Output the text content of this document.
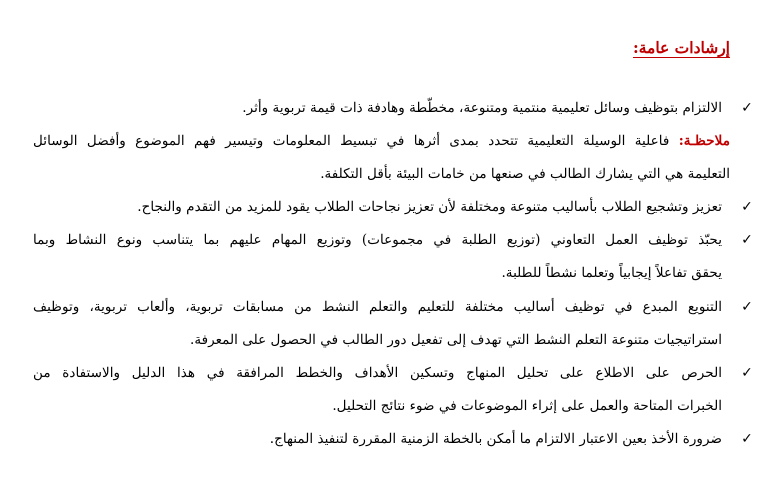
إرشادات عامة:
✓
الالتزام بتوظيف وسائل تعليمية منتمية ومتنوعة، مخطّطة وهادفة ذات قيمة تربوية وأثر.
ملاحظـة: فاعلية الوسيلة التعليمية تتحدد بمدى أثرها في تبسيط المعلومات وتيسير فهم الموضوع وأفضل الوسائل
التعليمة هي التي يشارك الطالب في صنعها من خامات البيئة بأقل التكلفة.
✓
تعزيز وتشجيع الطلاب بأساليب متنوعة ومختلفة لأن تعزيز نجاحات الطلاب يقود للمزيد من التقدم والنجاح.
✓
يحبّذ توظيف العمل التعاوني (توزيع الطلبة في مجموعات) وتوزيع المهام عليهم بما يتناسب ونوع النشاط وبما
يحقق تفاعلاً إيجابياً وتعلما نشطاً للطلبة.
✓
التنويع المبدع في توظيف أساليب مختلفة للتعليم والتعلم النشط من مسابقات تربوية، وألعاب تربوية، وتوظيف
استراتيجيات متنوعة التعلم النشط التي تهدف إلى تفعيل دور الطالب في الحصول على المعرفة.
✓
الحرص على الاطلاع على تحليل المنهاج وتسكين الأهداف والخطط المرافقة في هذا الدليل والاستفادة من
الخبرات المتاحة والعمل على إثراء الموضوعات في ضوء نتائج التحليل.
✓
ضرورة الأخذ بعين الاعتبار الالتزام ما أمكن بالخطة الزمنية المقررة لتنفيذ المنهاج.
